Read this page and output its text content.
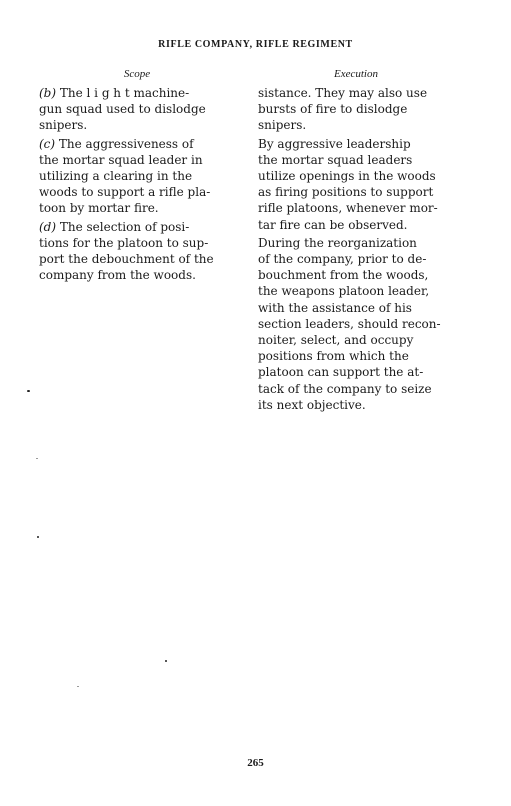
RIFLE COMPANY, RIFLE REGIMENT
Scope

(b) The l i g h t machine-
gun squad used to dislodge
snipers.

(c) The aggressiveness of
the mortar squad leader in
utilizing a clearing in the
woods to support a rifle pla-
toon by mortar fire.

(d) The selection of posi-
tions for the platoon to sup-
port the debouchment of the
company from the woods.

Execution

sistance. They may also use
bursts of fire to dislodge
snipers.

By aggressive leadership
the mortar squad leaders
utilize openings in the woods
as firing positions to support
rifle platoons, whenever mor-
tar fire can be observed.

During the reorganization
of the company, prior to de-
bouchment from the woods,
the weapons platoon leader,
with the assistance of his
section leaders, should recon-
noiter, select, and occupy
positions from which the
platoon can support the at-
tack of the company to seize
its next objective.

265
